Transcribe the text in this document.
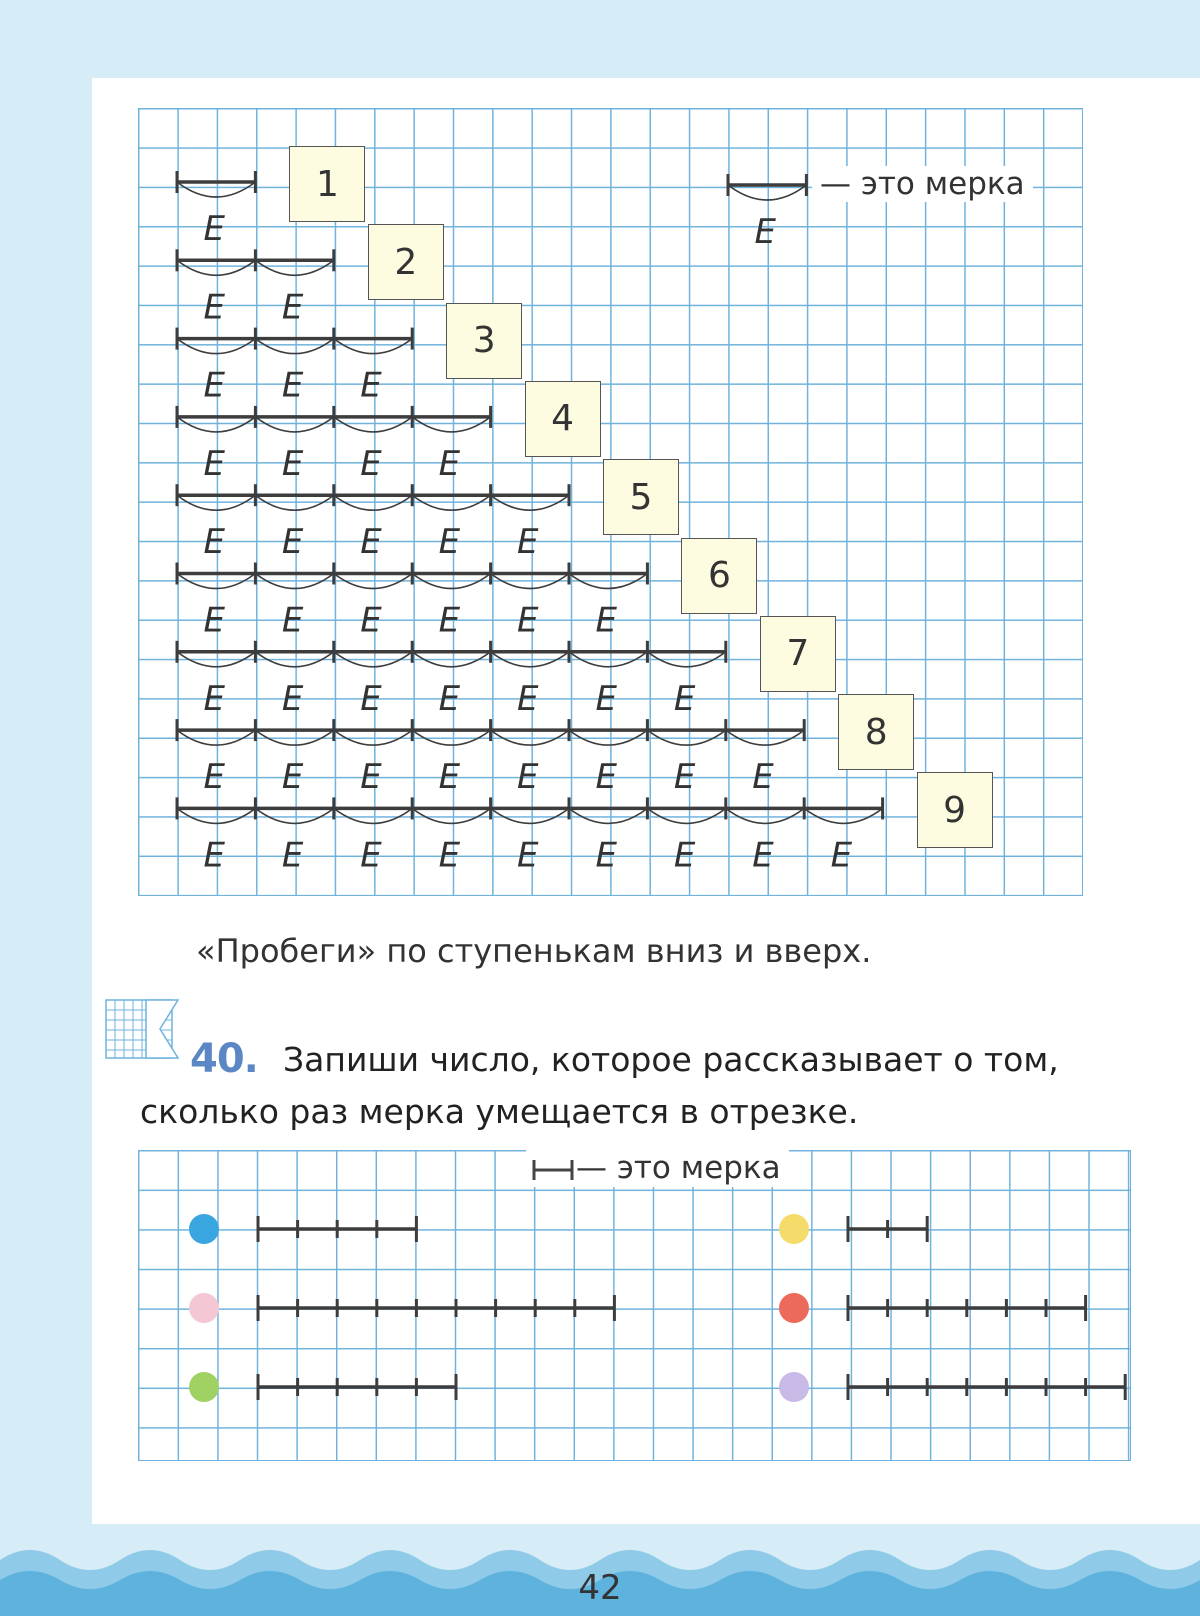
Е
Е Е
Е Е Е
Е Е Е Е
Е Е Е Е Е
Е Е Е Е Е Е
Е Е Е Е Е Е Е
Е Е Е Е Е Е Е Е
Е Е Е Е Е Е Е Е Е
Е
1
2
3
4
5
6
7
8
9
— это мерка
«Пробеги» по ступенькам вниз и вверх.
40. Запиши число, которое рассказывает о том,
сколько раз мерка умещается в отрезке.
— это мерка
42
